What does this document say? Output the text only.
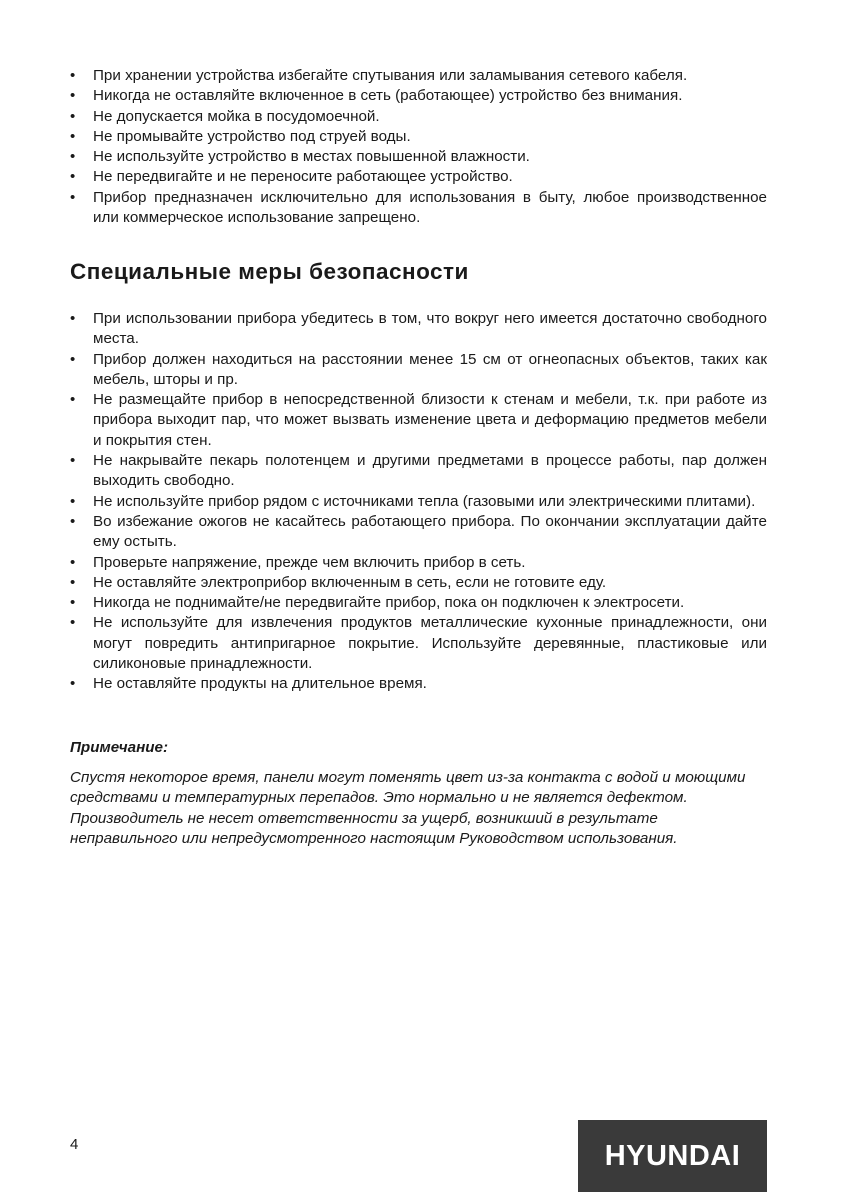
• При хранении устройства избегайте спутывания или заламывания сетевого кабеля.
• Никогда не оставляйте включенное в сеть (работающее) устройство без внимания.
• Не допускается мойка в посудомоечной.
• Не промывайте устройство под струей воды.
• Не используйте устройство в местах повышенной влажности.
• Не передвигайте и не переносите работающее устройство.
• Прибор предназначен исключительно для использования в быту, любое производственное или коммерческое использование запрещено.
Специальные меры безопасности
• При использовании прибора убедитесь в том, что вокруг него имеется достаточно свободного места.
• Прибор должен находиться на расстоянии менее 15 см от огнеопасных объектов, таких как мебель, шторы и пр.
• Не размещайте прибор в непосредственной близости к стенам и мебели, т.к. при работе из прибора выходит пар, что может вызвать изменение цвета и деформацию предметов мебели и покрытия стен.
• Не накрывайте пекарь полотенцем и другими предметами в процессе работы, пар должен выходить свободно.
• Не используйте прибор рядом с источниками тепла (газовыми или электрическими плитами).
• Во избежание ожогов не касайтесь работающего прибора. По окончании эксплуатации дайте ему остыть.
• Проверьте напряжение, прежде чем включить прибор в сеть.
• Не оставляйте электроприбор включенным в сеть, если не готовите еду.
• Никогда не поднимайте/не передвигайте прибор, пока он подключен к электросети.
• Не используйте для извлечения продуктов металлические кухонные принадлежности, они могут повредить антипригарное покрытие. Используйте деревянные, пластиковые или силиконовые принадлежности.
• Не оставляйте продукты на длительное время.

Примечание:

Спустя некоторое время, панели могут поменять цвет из-за контакта с водой и моющими средствами и температурных перепадов. Это нормально и не является дефектом. Производитель не несет ответственности за ущерб, возникший в результате неправильного или непредусмотренного настоящим Руководством использования.

4	HYUNDAI
